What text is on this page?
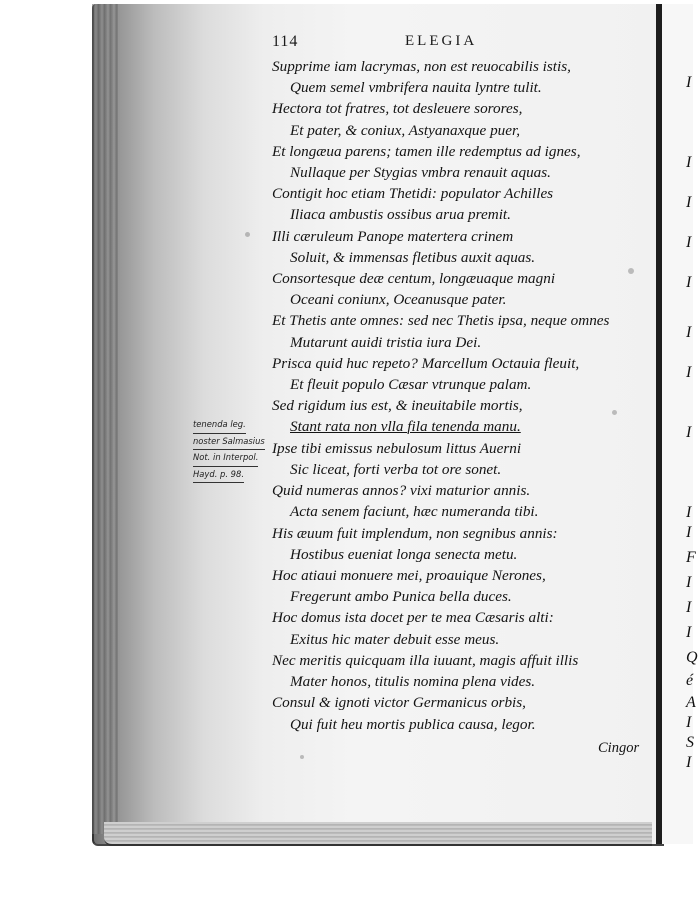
I
I
I
I
I
I
I
I
I
I
F
I
I
I
Q
é
A
I
S
I
114	ELEGIA
Supprime iam lacrymas, non est reuocabilis istis,
Quem semel vmbrifera nauita lyntre tulit.
Hectora tot fratres, tot desleuere sorores,
Et pater, & coniux, Astyanaxque puer,
Et longæua parens; tamen ille redemptus ad ignes,
Nullaque per Stygias vmbra renauit aquas.
Contigit hoc etiam Thetidi: populator Achilles
Iliaca ambustis ossibus arua premit.
Illi cæruleum Panope matertera crinem
Soluit, & immensas fletibus auxit aquas.
Consortesque deæ centum, longæuaque magni
Oceani coniunx, Oceanusque pater.
Et Thetis ante omnes: sed nec Thetis ipsa, neque omnes
Mutarunt auidi tristia iura Dei.
Prisca quid huc repeto? Marcellum Octauia fleuit,
Et fleuit populo Cæsar vtrunque palam.
Sed rigidum ius est, & ineuitabile mortis,
Stant rata non vlla fila tenenda manu.
Ipse tibi emissus nebulosum littus Auerni
Sic liceat, forti verba tot ore sonet.
Quid numeras annos? vixi maturior annis.
Acta senem faciunt, hæc numeranda tibi.
His æuum fuit implendum, non segnibus annis:
Hostibus eueniat longa senecta metu.
Hoc atiaui monuere mei, proauique Nerones,
Fregerunt ambo Punica bella duces.
Hoc domus ista docet per te mea Cæsaris alti:
Exitus hic mater debuit esse meus.
Nec meritis quicquam illa iuuant, magis affuit illis
Mater honos, titulis nomina plena vides.
Consul & ignoti victor Germanicus orbis,
Qui fuit heu mortis publica causa, legor.
tenenda leg.
noster Salmasius
Not. in Interpol.
Hayd. p. 98.
Cingor
